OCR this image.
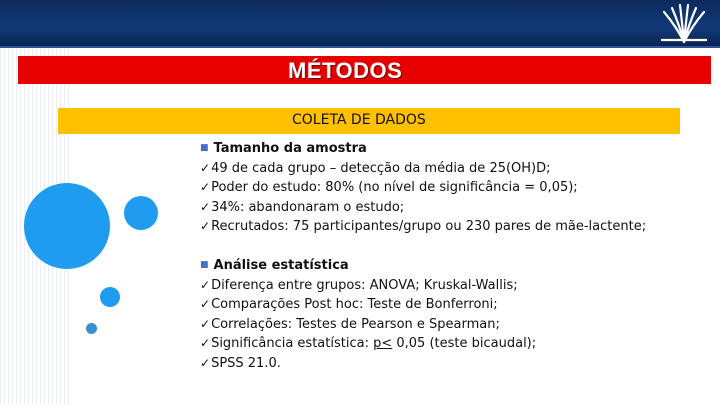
MÉTODOS
COLETA DE DADOS
■ Tamanho da amostra
✓49 de cada grupo – detecção da média de 25(OH)D;
✓Poder do estudo: 80% (no nível de significância = 0,05);
✓34%: abandonaram o estudo;
✓Recrutados: 75 participantes/grupo ou 230 pares de mãe-lactente;
■ Análise estatística
✓Diferença entre grupos: ANOVA; Kruskal-Wallis;
✓Comparações Post hoc: Teste de Bonferroni;
✓Correlações: Testes de Pearson e Spearman;
✓Significância estatística: p< 0,05 (teste bicaudal);
✓SPSS 21.0.
